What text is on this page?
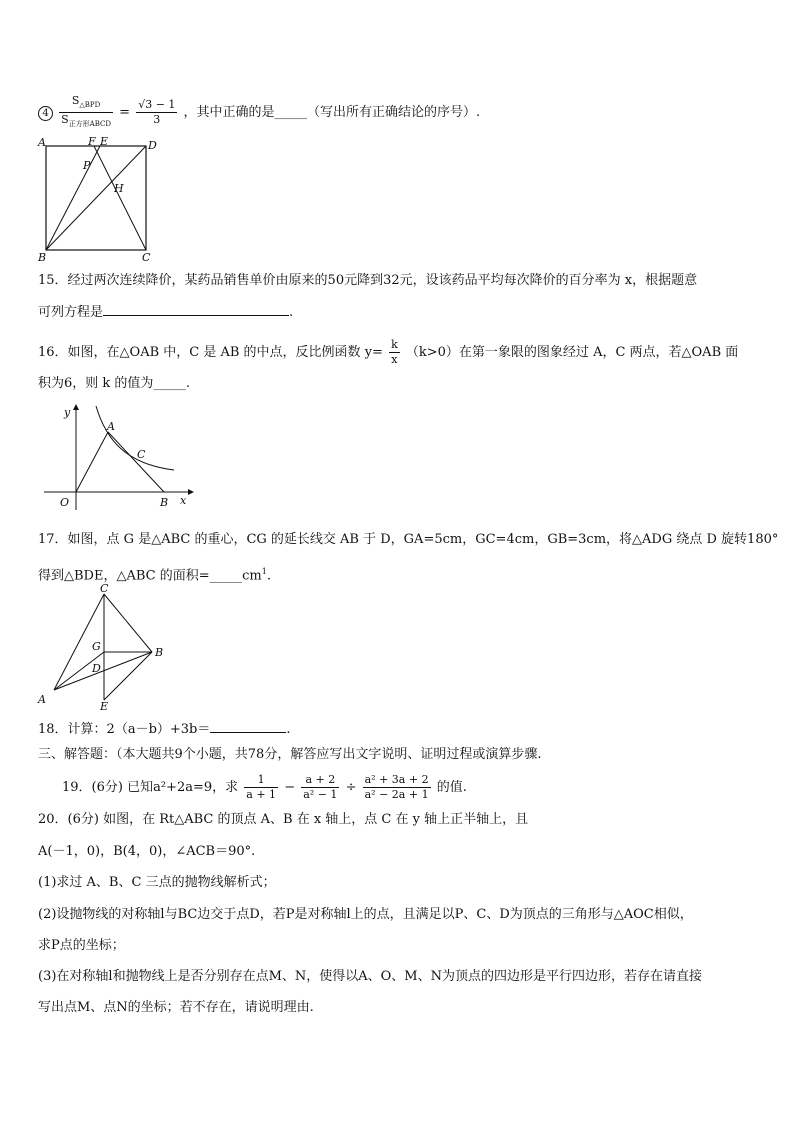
$4 \frac{S_{\triangle BPD}}{S_{正方形ABCD}} = \frac{√3 - 1}{3}$ ，其中正确的是_____（写出所有正确结论的序号）.
A	F E	D
P
H
B	C
15．经过两次连续降价，某药品销售单价由原来的50元降到32元，设该药品平均每次降价的百分率为 x，根据题意
可列方程是	.
16．如图，在△OAB 中，C 是 AB 的中点，反比例函数 $y= \frac{k}{x} (k>0)$在第一象限的图象经过 A，C 两点，若△OAB 面
积为6，则 k 的值为_____.
y
A
C
O	B x
17．如图，点 G 是△ABC 的重心，CG 的延长线交 AB 于 D，GA=5cm，GC=4cm，GB=3cm，将△ADG 绕点 D 旋转180°
得到△BDE，△ABC 的面积$=\_\_\_\_\_cm^1$.
C
G	B
D
A
E
18．计算：2（a－b）+3b＝	.
三、解答题：（本大题共9个小题，共78分，解答应写出文字说明、证明过程或演算步骤.
19．(6分) 已知a²+2a=9，求 $\frac{1}{a + 1} - \frac{a + 2}{\text{a² − 1}} \div \frac{\text{a² + 3a + 2}}{\text{a² − 2a + 1}}$ 的值.
20．(6分) 如图，在 Rt△ABC 的顶点 A、B 在 x 轴上，点 C 在 y 轴上正半轴上，且
A(－1，0)，B(4，0)，∠ACB＝90°.
(1)求过 A、B、C 三点的抛物线解析式；
(2)设抛物线的对称轴l与BC边交于点D，若P是对称轴l上的点，且满足以P、C、D为顶点的三角形与△AOC相似，
求P点的坐标；
(3)在对称轴l和抛物线上是否分别存在点M、N，使得以A、O、M、N为顶点的四边形是平行四边形，若存在请直接
写出点M、点N的坐标；若不存在，请说明理由.
